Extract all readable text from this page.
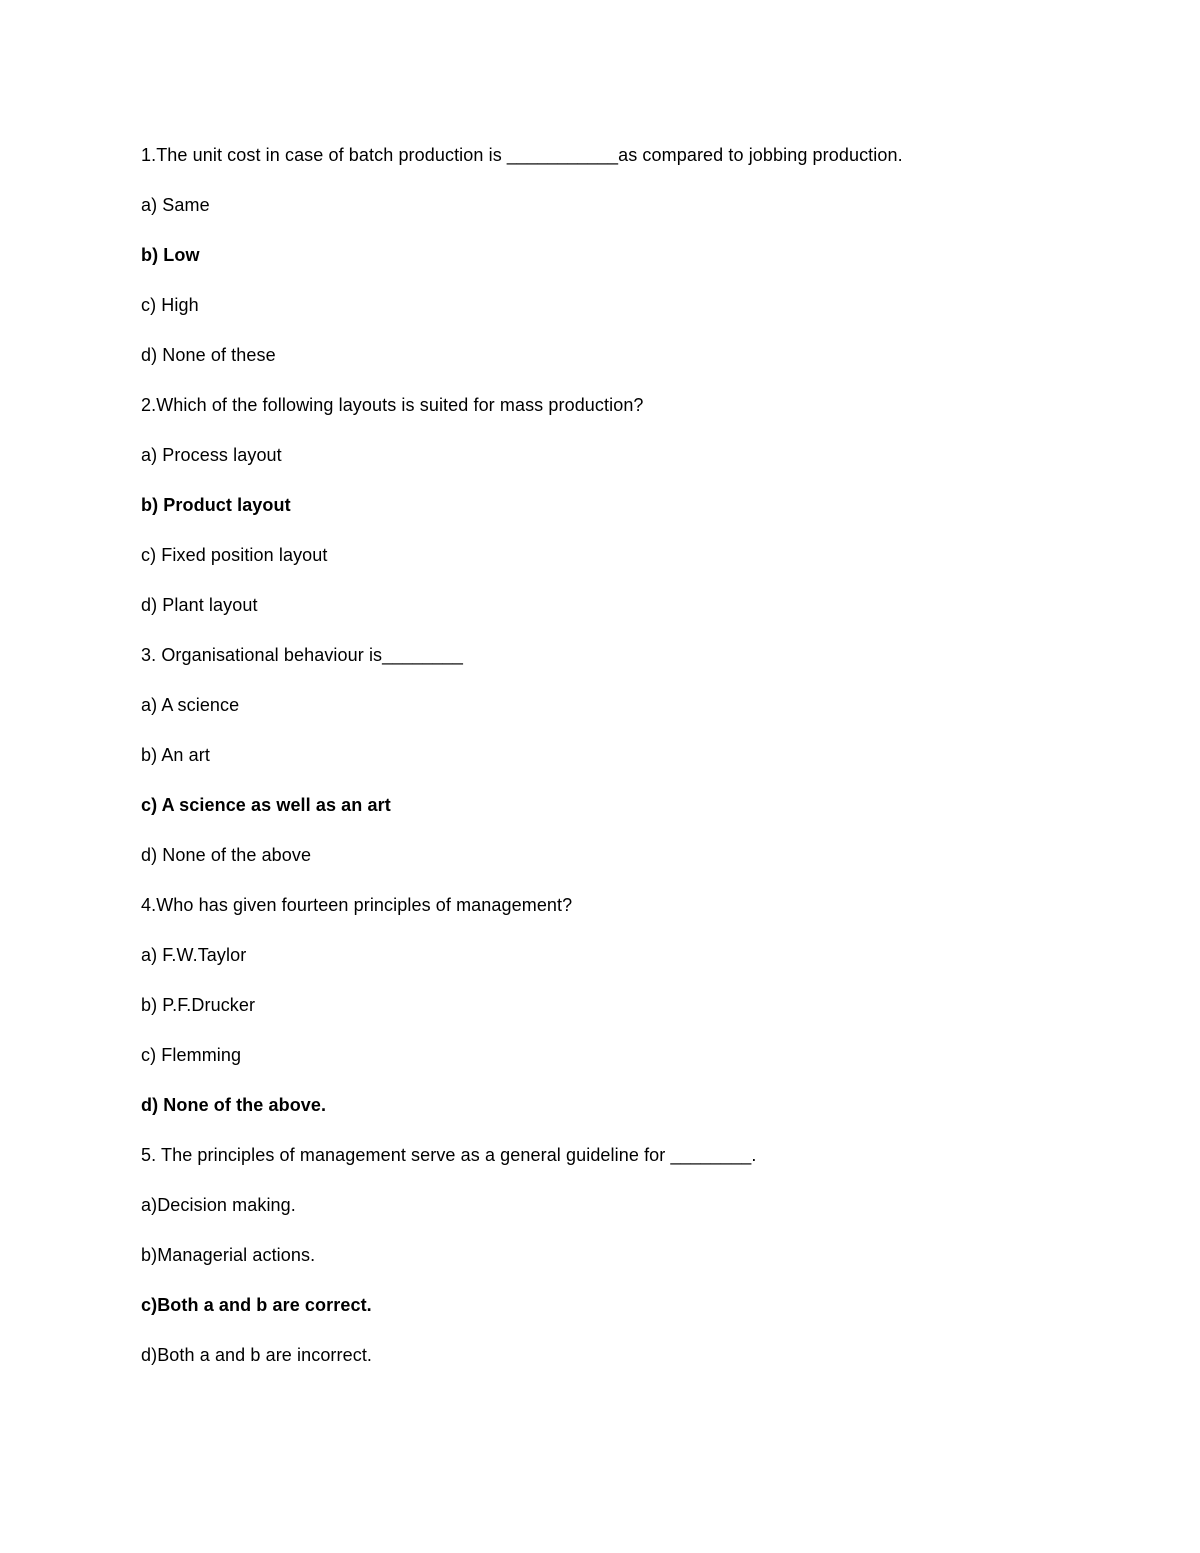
1.The unit cost in case of batch production is ___________as compared to jobbing production.
a) Same
b) Low
c) High
d) None of these
2.Which of the following layouts is suited for mass production?
a) Process layout
b) Product layout
c) Fixed position layout
d) Plant layout
3. Organisational behaviour is________
a) A science
b) An art
c) A science as well as an art
d) None of the above
4.Who has given fourteen principles of management?
a) F.W.Taylor
b) P.F.Drucker
c) Flemming
d) None of the above.
5. The principles of management serve as a general guideline for ________.
a)Decision making.
b)Managerial actions.
c)Both a and b are correct.
d)Both a and b are incorrect.
